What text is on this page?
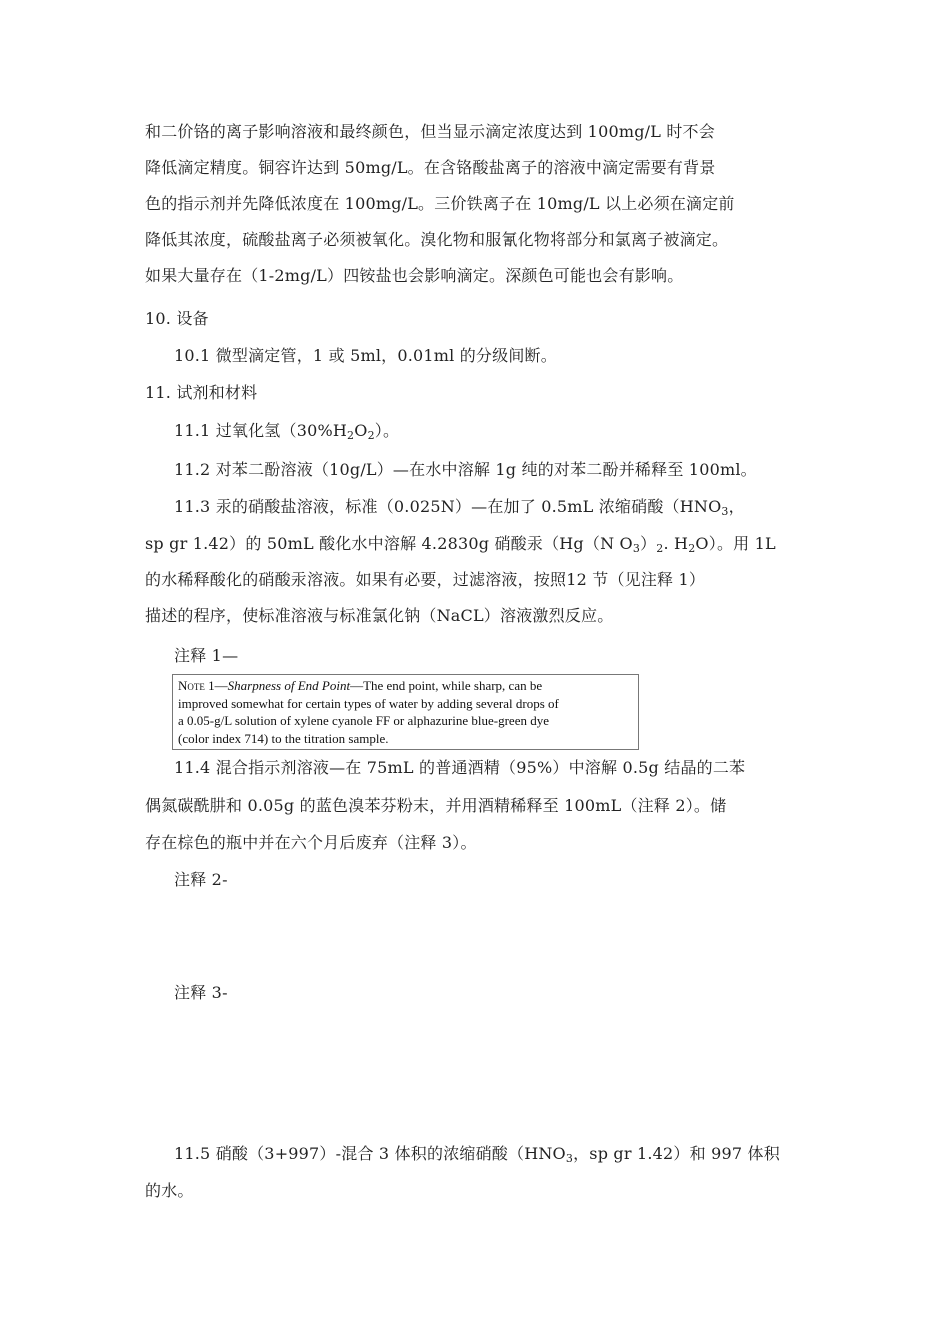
和二价铬的离子影响溶液和最终颜色，但当显示滴定浓度达到 100mg/L 时不会
降低滴定精度。铜容许达到 50mg/L。在含铬酸盐离子的溶液中滴定需要有背景
色的指示剂并先降低浓度在 100mg/L。三价铁离子在 10mg/L 以上必须在滴定前
降低其浓度，硫酸盐离子必须被氧化。溴化物和服氰化物将部分和氯离子被滴定。
如果大量存在（1-2mg/L）四铵盐也会影响滴定。深颜色可能也会有影响。
10. 设备
10.1 微型滴定管，1 或 5ml，0.01ml 的分级间断。
11. 试剂和材料
11.1 过氧化氢$(30\%H_2O_2)$。
11.2 对苯二酚溶液（10g/L）—在水中溶解 1g 纯的对苯二酚并稀释至 100ml。
11.3 汞的硝酸盐溶液，标准（0.025N）—在加了 0.5mL 浓缩硝酸（$HNO_3$，
sp gr 1.42）的 50mL 酸化水中溶解 4.2830g 硝酸汞（Hg（N $O_3)_2$. $H_2O$）。用 1L
的水稀释酸化的硝酸汞溶液。如果有必要，过滤溶液，按照12 节（见注释 1）
描述的程序，使标准溶液与标准氯化钠（NaCL）溶液激烈反应。
注释 1—
Note 1—Sharpness of End Point—The end point, while sharp, can be
improved somewhat for certain types of water by adding several drops of
a 0.05-g/L solution of xylene cyanole FF or alphazurine blue-green dye
(color index 714) to the titration sample.
11.4 混合指示剂溶液—在 75mL 的普通酒精（95%）中溶解 0.5g 结晶的二苯
偶氮碳酰肼和 0.05g 的蓝色溴苯芬粉末，并用酒精稀释至 100mL（注释 2）。储
存在棕色的瓶中并在六个月后废弃（注释 3）。
注释 2-
注释 3-
11.5 硝酸（3+997）-混合 3 体积的浓缩硝酸（$HNO_3$，sp gr 1.42）和 997 体积
的水。
